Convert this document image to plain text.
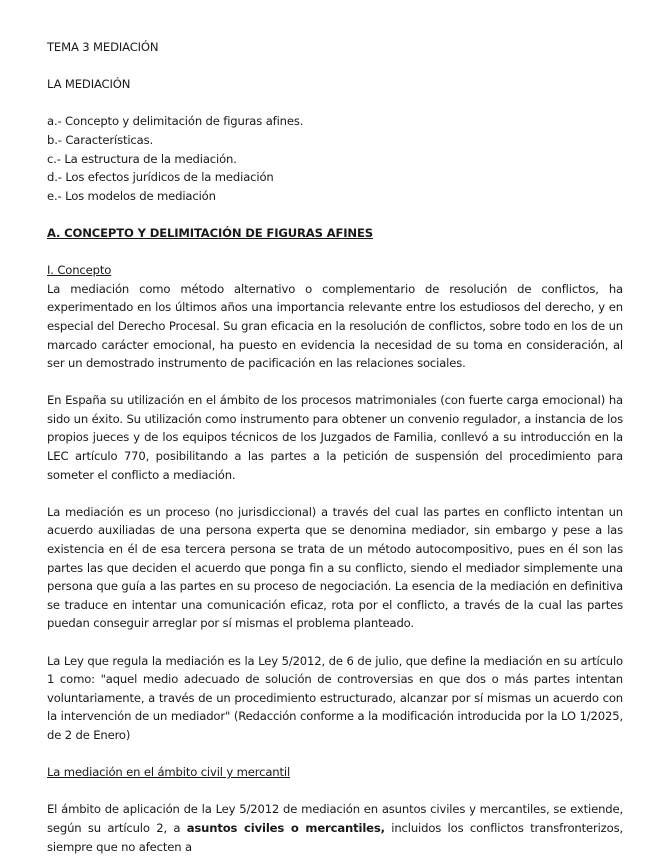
TEMA 3 MEDIACIÓN

LA MEDIACIÓN

a.- Concepto y delimitación de figuras afines.
b.- Características.
c.- La estructura de la mediación.
d.- Los efectos jurídicos de la mediación
e.- Los modelos de mediación
A. CONCEPTO Y DELIMITACIÓN DE FIGURAS AFINES
I. Concepto

La mediación como método alternativo o complementario de resolución de conflictos, ha experimentado en los últimos años una importancia relevante entre los estudiosos del derecho, y en especial del Derecho Procesal. Su gran eficacia en la resolución de conflictos, sobre todo en los de un marcado carácter emocional, ha puesto en evidencia la necesidad de su toma en consideración, al ser un demostrado instrumento de pacificación en las relaciones sociales.

En España su utilización en el ámbito de los procesos matrimoniales (con fuerte carga emocional) ha sido un éxito. Su utilización como instrumento para obtener un convenio regulador, a instancia de los propios jueces y de los equipos técnicos de los Juzgados de Familia, conllevó a su introducción en la LEC artículo 770, posibilitando a las partes a la petición de suspensión del procedimiento para someter el conflicto a mediación.

La mediación es un proceso (no jurisdiccional) a través del cual las partes en conflicto intentan un acuerdo auxiliadas de una persona experta que se denomina mediador, sin embargo y pese a las existencia en él de esa tercera persona se trata de un método autocompositivo, pues en él son las partes las que deciden el acuerdo que ponga fin a su conflicto, siendo el mediador simplemente una persona que guía a las partes en su proceso de negociación. La esencia de la mediación en definitiva se traduce en intentar una comunicación eficaz, rota por el conflicto, a través de la cual las partes puedan conseguir arreglar por sí mismas el problema planteado.

La Ley que regula la mediación es la Ley 5/2012, de 6 de julio, que define la mediación en su artículo 1 como: "aquel medio adecuado de solución de controversias en que dos o más partes intentan voluntariamente, a través de un procedimiento estructurado, alcanzar por sí mismas un acuerdo con la intervención de un mediador" (Redacción conforme a la modificación introducida por la LO 1/2025, de 2 de Enero)

La mediación en el ámbito civil y mercantil

El ámbito de aplicación de la Ley 5/2012 de mediación en asuntos civiles y mercantiles, se extiende, según su artículo 2, a asuntos civiles o mercantiles, incluidos los conflictos transfronterizos, siempre que no afecten a
